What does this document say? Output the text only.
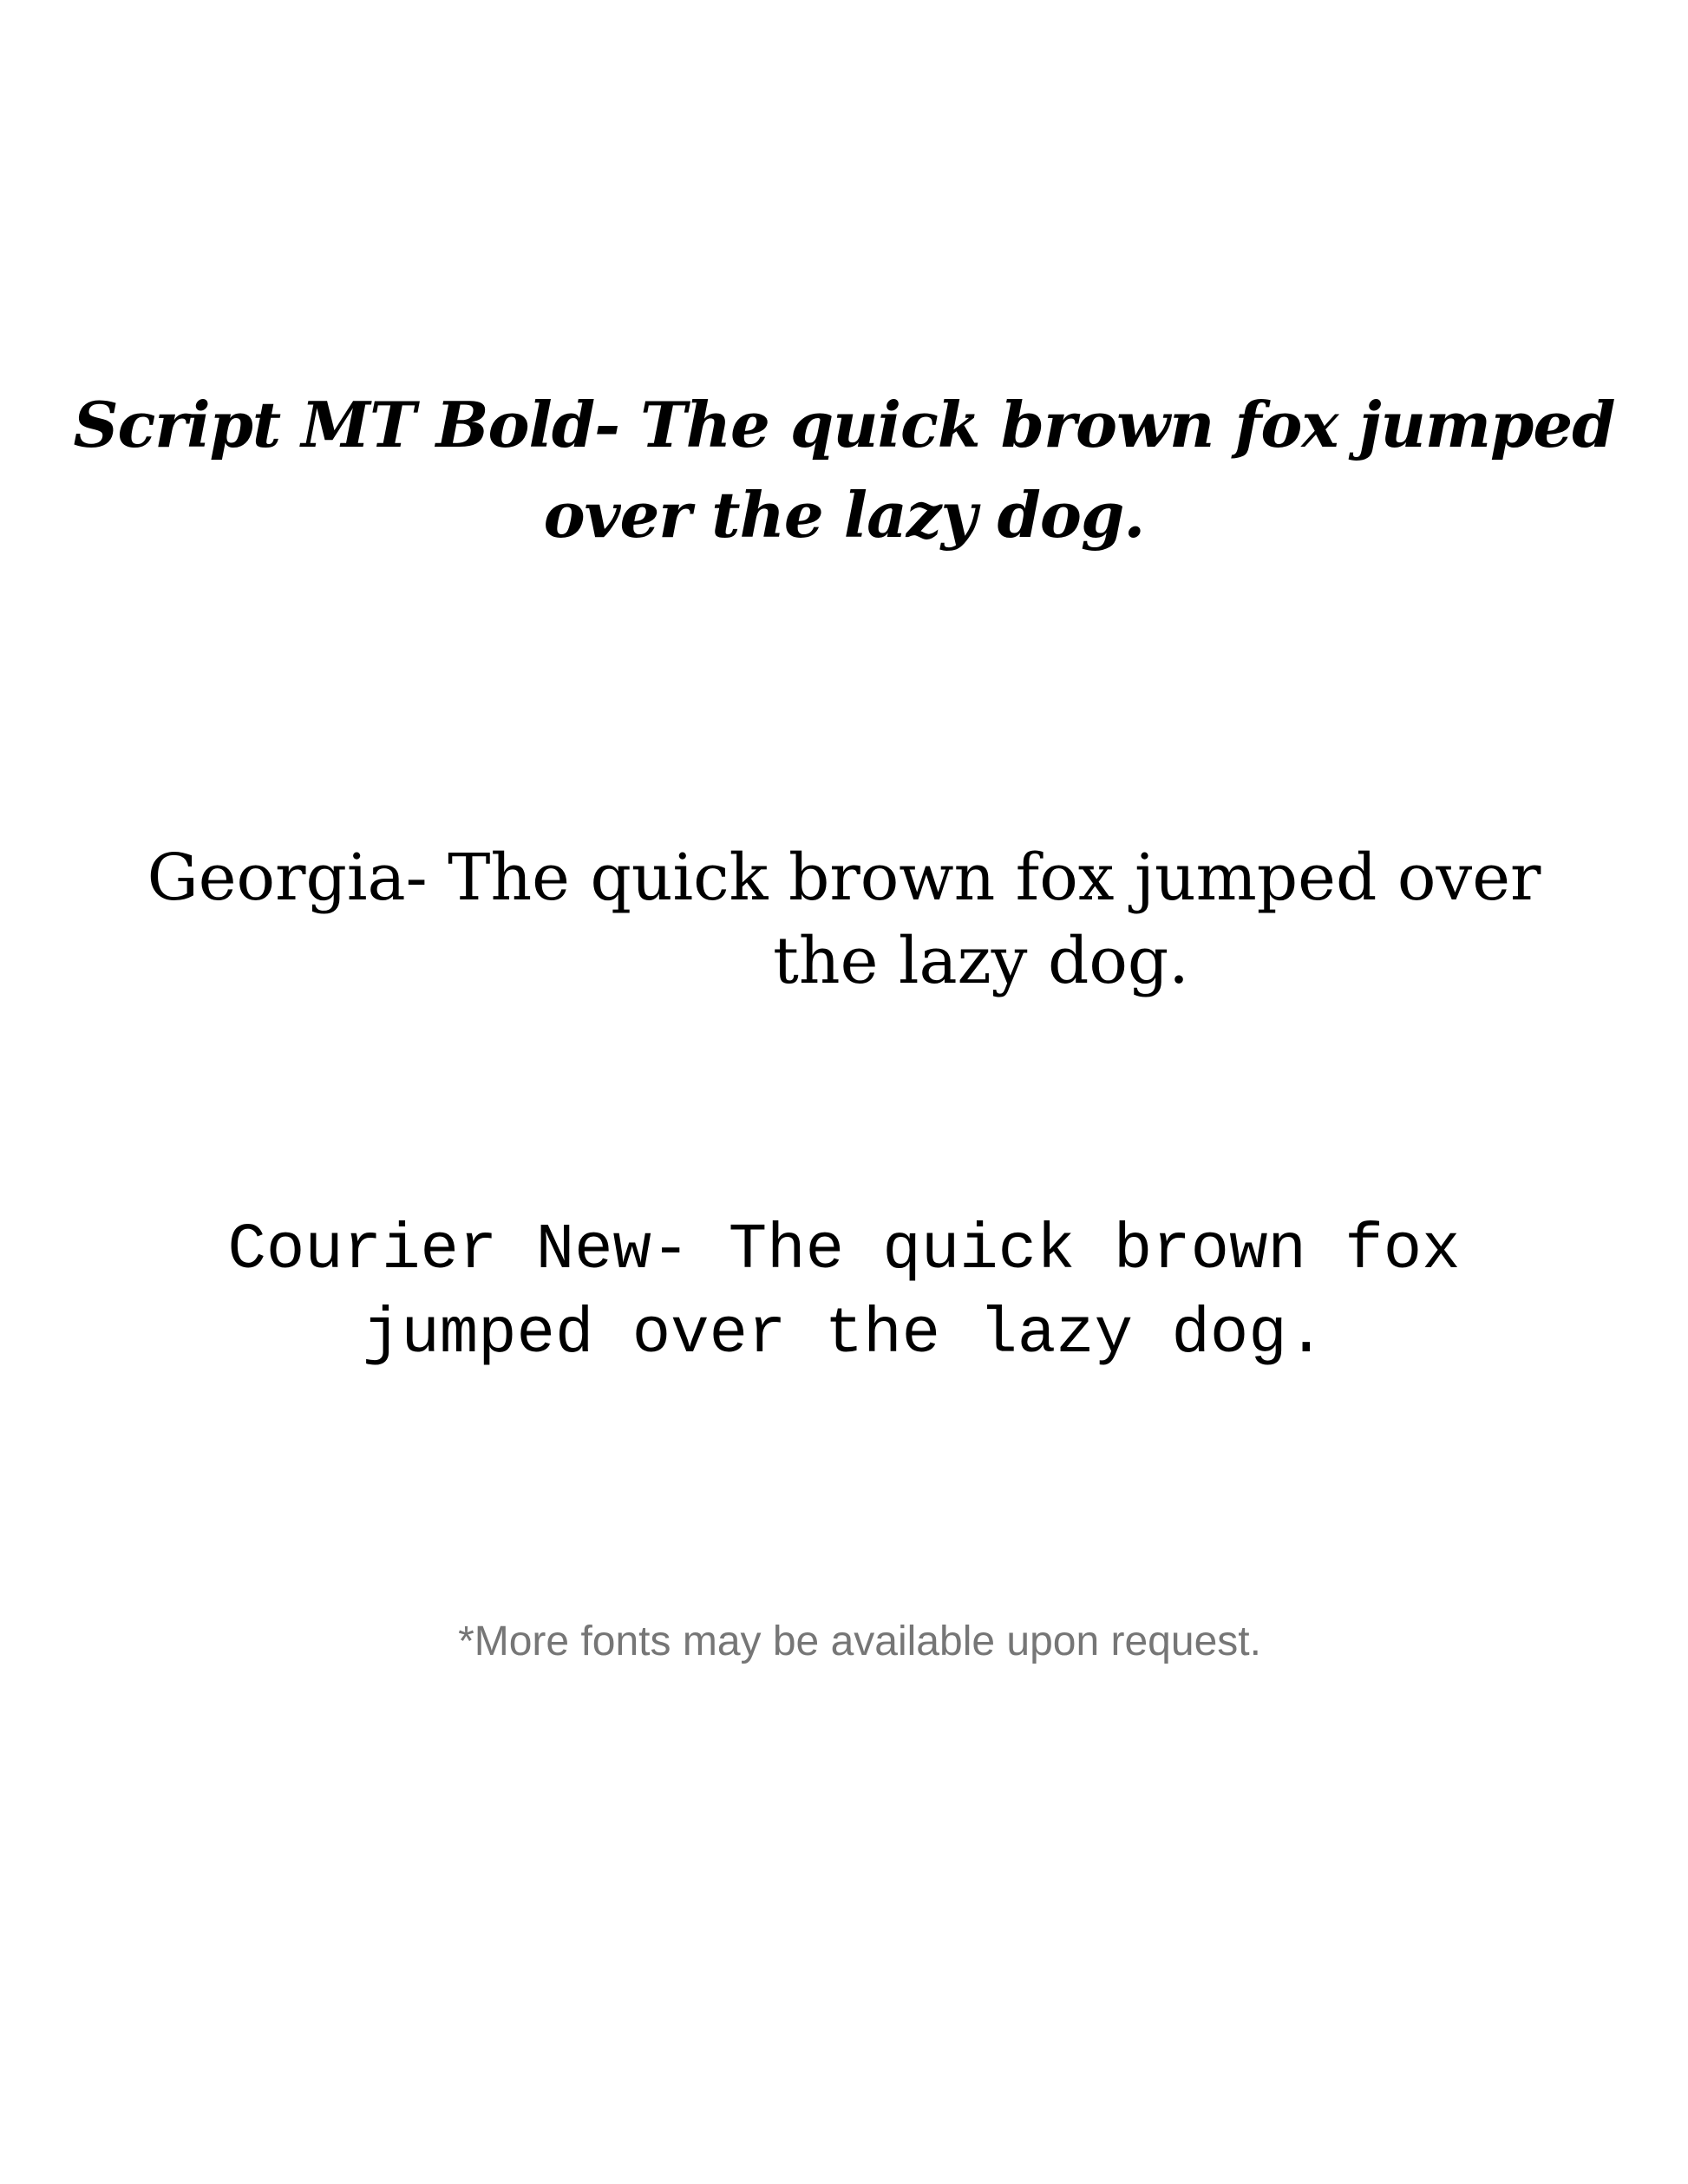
Script MT Bold- The quick brown fox jumped
over the lazy dog.
Georgia- The quick brown fox jumped over
the lazy dog.
Courier New- The quick brown fox
jumped over the lazy dog.
*More fonts may be available upon request.
